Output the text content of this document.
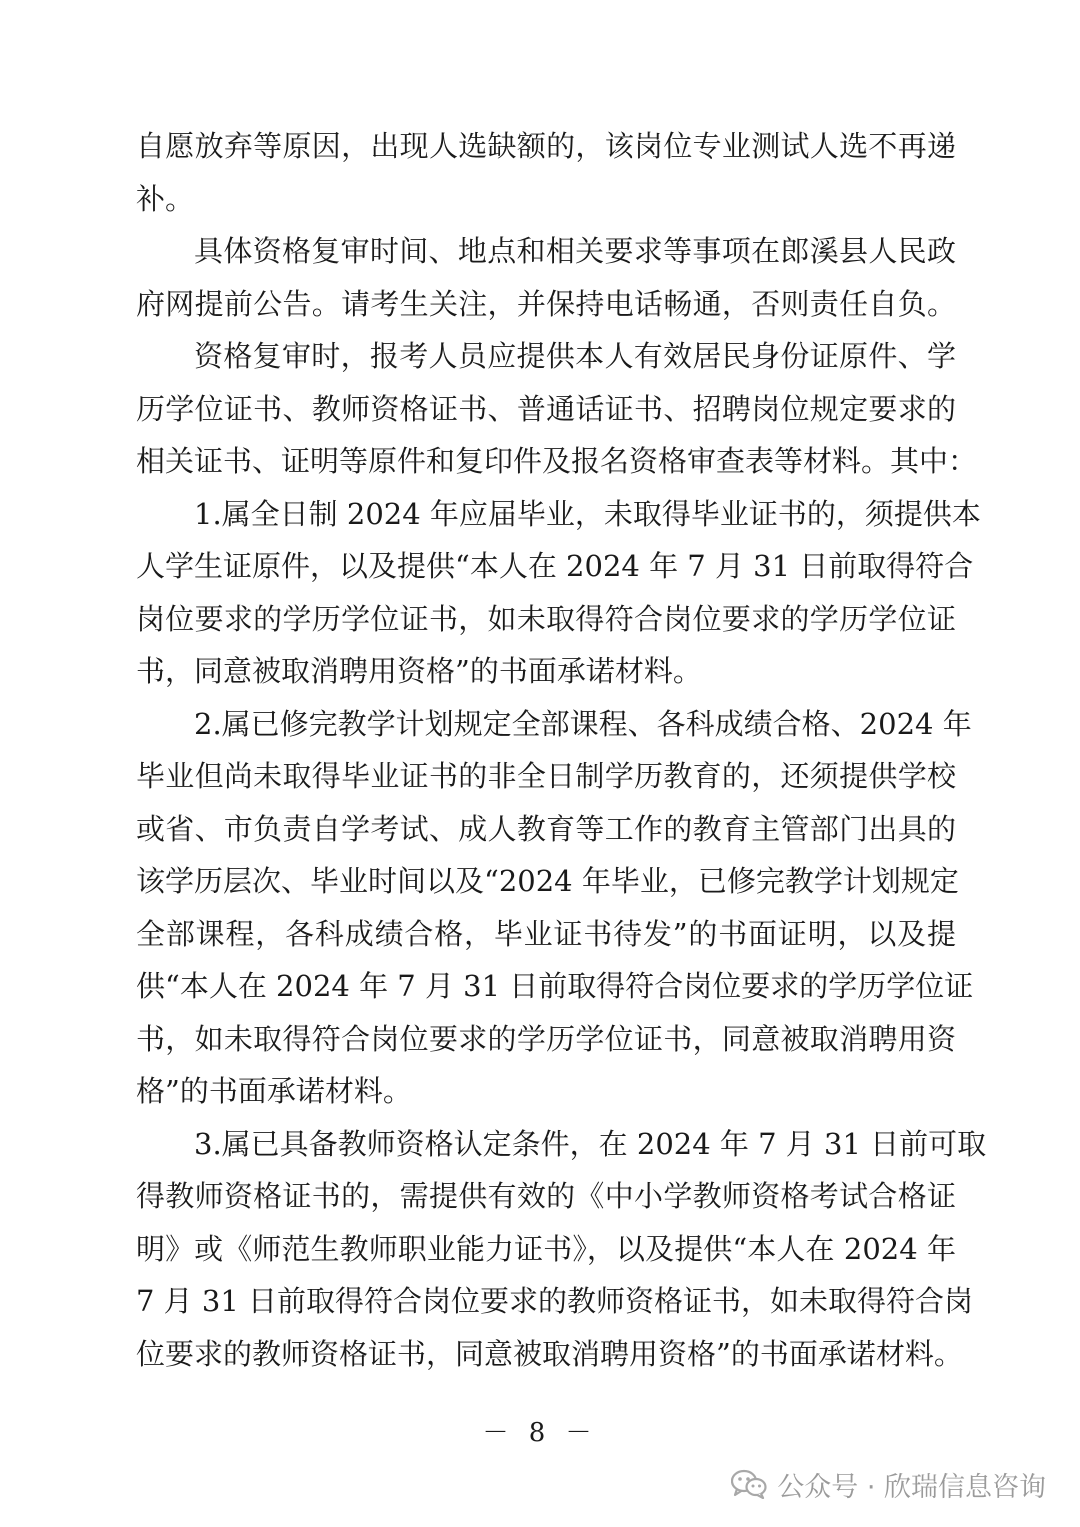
自愿放弃等原因，出现人选缺额的，该岗位专业测试人选不再递
补。
具体资格复审时间、地点和相关要求等事项在郎溪县人民政
府网提前公告。请考生关注，并保持电话畅通，否则责任自负。
资格复审时，报考人员应提供本人有效居民身份证原件、学
历学位证书、教师资格证书、普通话证书、招聘岗位规定要求的
相关证书、证明等原件和复印件及报名资格审查表等材料。其中：
1.属全日制 2024 年应届毕业，未取得毕业证书的，须提供本
人学生证原件，以及提供“本人在 2024 年 7 月 31 日前取得符合
岗位要求的学历学位证书，如未取得符合岗位要求的学历学位证
书，同意被取消聘用资格”的书面承诺材料。
2.属已修完教学计划规定全部课程、各科成绩合格、2024 年
毕业但尚未取得毕业证书的非全日制学历教育的，还须提供学校
或省、市负责自学考试、成人教育等工作的教育主管部门出具的
该学历层次、毕业时间以及“2024 年毕业，已修完教学计划规定
全部课程，各科成绩合格，毕业证书待发”的书面证明，以及提
供“本人在 2024 年 7 月 31 日前取得符合岗位要求的学历学位证
书，如未取得符合岗位要求的学历学位证书，同意被取消聘用资
格”的书面承诺材料。
3.属已具备教师资格认定条件，在 2024 年 7 月 31 日前可取
得教师资格证书的，需提供有效的《中小学教师资格考试合格证
明》或《师范生教师职业能力证书》，以及提供“本人在 2024 年
7 月 31 日前取得符合岗位要求的教师资格证书，如未取得符合岗
位要求的教师资格证书，同意被取消聘用资格”的书面承诺材料。
－ 8 －
公众号 · 欣瑞信息咨询
